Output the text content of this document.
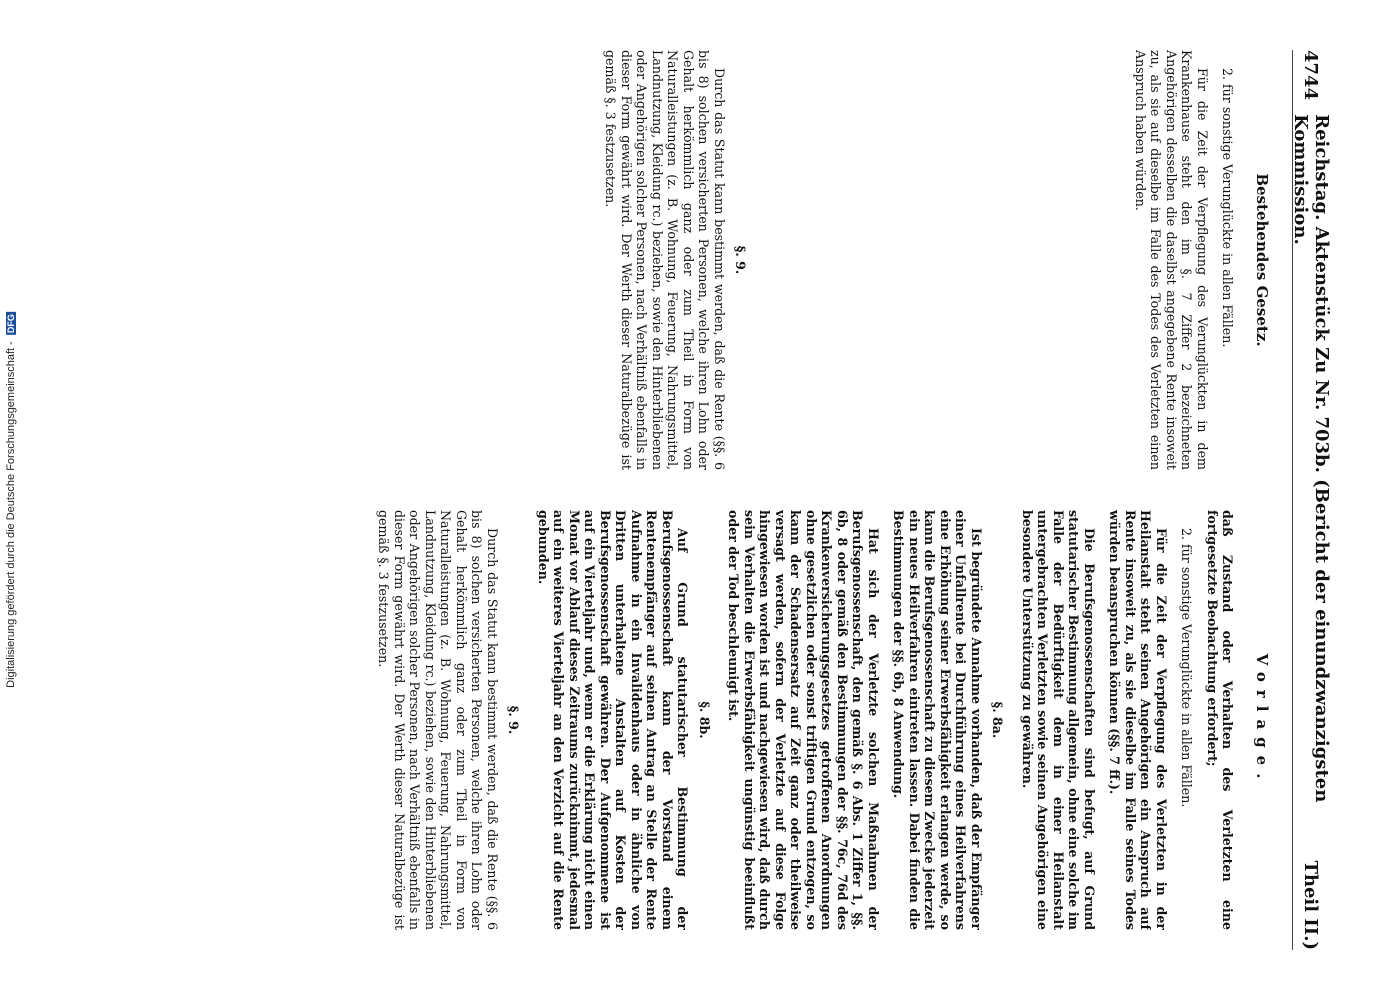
4744
Reichstag. Aktenstück Zu Nr. 703b. (Bericht der einundzwanzigsten Kommission.
Theil II.)
Bestehendes Gesetz.

2. für sonstige Verunglückte in allen Fällen.

Für die Zeit der Verpflegung des Verunglückten in dem Krankenhause steht den im §. 7 Ziffer 2 bezeichneten Angehörigen desselben die daselbst angegebene Rente insoweit zu, als sie auf dieselbe im Falle des Todes des Verletzten einen Anspruch haben würden.

§. 9.

Durch das Statut kann bestimmt werden, daß die Rente (§§. 6 bis 8) solchen versicherten Personen, welche ihren Lohn oder Gehalt herkömmlich ganz oder zum Theil in Form von Naturalleistungen (z. B. Wohnung, Feuerung, Nahrungsmittel, Landnutzung, Kleidung rc.) beziehen, sowie den Hinterbliebenen oder Angehörigen solcher Personen, nach Verhältniß ebenfalls in dieser Form gewährt wird. Der Werth dieser Naturalbezüge ist gemäß §. 3 festzusetzen.

Vorlage.

daß Zustand oder Verhalten des Verletzten eine fortgesetzte Beobachtung erfordert;

2. für sonstige Verunglückte in allen Fällen.

Für die Zeit der Verpflegung des Verletzten in der Heilanstalt steht seinen Angehörigen ein Anspruch auf Rente insoweit zu, als sie dieselbe im Falle seines Todes würden beanspruchen können (§§. 7 ff.).

Die Berufsgenossenschaften sind befugt, auf Grund statutarischer Bestimmung allgemein, ohne eine solche im Falle der Bedürftigkeit dem in einer Heilanstalt untergebrachten Verletzten sowie seinen Angehörigen eine besondere Unterstützung zu gewähren.

§. 8a.

Ist begründete Annahme vorhanden, daß der Empfänger einer Unfallrente bei Durchführung eines Heilverfahrens eine Erhöhung seiner Erwerbsfähigkeit erlangen werde, so kann die Berufsgenossenschaft zu diesem Zwecke jederzeit ein neues Heilverfahren eintreten lassen. Dabei finden die Bestimmungen der §§. 6b, 8 Anwendung.

Hat sich der Verletzte solchen Maßnahmen der Berufsgenossenschaft, den gemäß §. 6 Abs. 1 Ziffer 1, §§. 6b, 8 oder gemäß den Bestimmungen der §§. 76c, 76d des Krankenversicherungsgesetzes getroffenen Anordnungen ohne gesetzlichen oder sonst triftigen Grund entzogen, so kann der Schadensersatz auf Zeit ganz oder theilweise versagt werden, sofern der Verletzte auf diese Folge hingewiesen worden ist und nachgewiesen wird, daß durch sein Verhalten die Erwerbsfähigkeit ungünstig beeinflußt oder der Tod beschleunigt ist.

§. 8b.

Auf Grund statutarischer Bestimmung der Berufsgenossenschaft kann der Vorstand einem Rentenempfänger auf seinen Antrag an Stelle der Rente Aufnahme in ein Invalidenhaus oder in ähnliche von Dritten unterhaltene Anstalten auf Kosten der Berufsgenossenschaft gewähren. Der Aufgenommene ist auf ein Vierteljahr und, wenn er die Erklärung nicht einen Monat vor Ablauf dieses Zeitraums zurücknimmt, jedesmal auf ein weiteres Vierteljahr an den Verzicht auf die Rente gebunden.

§. 9.

Durch das Statut kann bestimmt werden, daß die Rente (§§. 6 bis 8) solchen versicherten Personen, welche ihren Lohn oder Gehalt herkömmlich ganz oder zum Theil in Form von Naturalleistungen (z. B. Wohnung, Feuerung, Nahrungsmittel, Landnutzung, Kleidung rc.) beziehen, sowie den Hinterbliebenen oder Angehörigen solcher Personen, nach Verhältniß ebenfalls in dieser Form gewährt wird. Der Werth dieser Naturalbezüge ist gemäß §. 3 festzusetzen.

Digitalisierung gefördert durch die Deutsche Forschungsgemeinschaft -DFG
